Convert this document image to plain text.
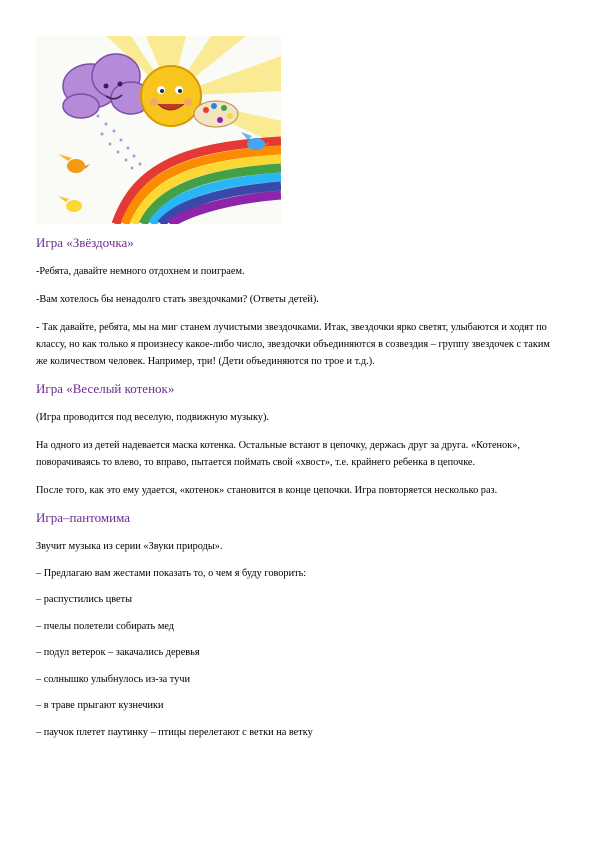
Игра «Звёздочка»

-Ребята, давайте немного отдохнем и поиграем.

-Вам хотелось бы ненадолго стать звездочками? (Ответы детей).

- Так давайте, ребята, мы на миг станем лучистыми звездочками. Итак, звездочки ярко светят, улыбаются и ходят по классу, но как только я произнесу какое-либо число, звездочки объединяются в созвездия – группу звездочек с таким же количеством человек. Например, три! (Дети объединяются по трое и т.д.).

Игра «Веселый котенок»

(Игра проводится под веселую, подвижную музыку).

На одного из детей надевается маска котенка. Остальные встают в цепочку, держась друг за друга. «Котенок», поворачиваясь то влево, то вправо, пытается поймать свой «хвост», т.е. крайнего ребенка в цепочке.

После того, как это ему удается, «котенок» становится в конце цепочки. Игра повторяется несколько раз.

Игра–пантомима

Звучит музыка из серии «Звуки природы».

– Предлагаю вам жестами показать то, о чем я буду говорить:

– распустились цветы

– пчелы полетели собирать мед

– подул ветерок – закачались деревья

– солнышко улыбнулось из-за тучи

– в траве прыгают кузнечики

– паучок плетет паутинку – птицы перелетают с ветки на ветку
